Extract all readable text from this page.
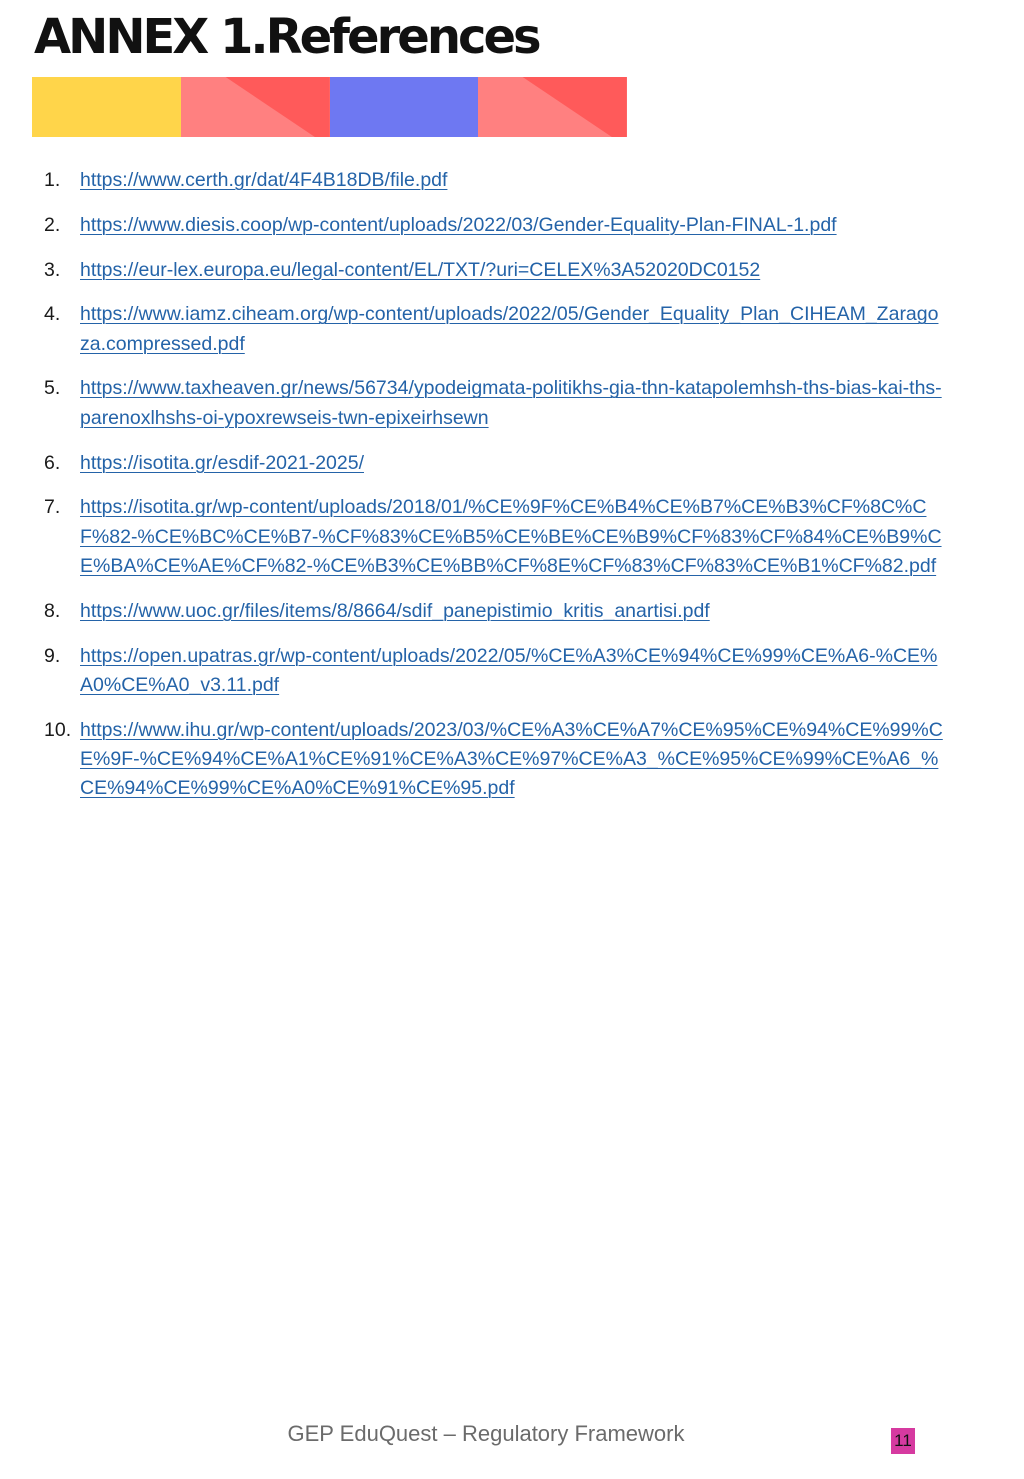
ANNEX 1.References
1.	https://www.certh.gr/dat/4F4B18DB/file.pdf
2.	https://www.diesis.coop/wp-content/uploads/2022/03/Gender-Equality-Plan-FINAL-1.pdf
3.	https://eur-lex.europa.eu/legal-content/EL/TXT/?uri=CELEX%3A52020DC0152
4.	https://www.iamz.ciheam.org/wp-content/uploads/2022/05/Gender_Equality_Plan_CIHEAM_Zaragoza.compressed.pdf
5.	https://www.taxheaven.gr/news/56734/ypodeigmata-politikhs-gia-thn-katapolemhsh-ths-bias-kai-ths-parenoxlhshs-oi-ypoxrewseis-twn-epixeirhsewn
6.	https://isotita.gr/esdif-2021-2025/
7.	https://isotita.gr/wp-content/uploads/2018/01/%CE%9F%CE%B4%CE%B7%CE%B3%CF%8C%CF%82-%CE%BC%CE%B7-%CF%83%CE%B5%CE%BE%CE%B9%CF%83%CF%84%CE%B9%CE%BA%CE%AE%CF%82-%CE%B3%CE%BB%CF%8E%CF%83%CF%83%CE%B1%CF%82.pdf
8.	https://www.uoc.gr/files/items/8/8664/sdif_panepistimio_kritis_anartisi.pdf
9.	https://open.upatras.gr/wp-content/uploads/2022/05/%CE%A3%CE%94%CE%99%CE%A6-%CE%A0%CE%A0_v3.11.pdf
10. https://www.ihu.gr/wp-content/uploads/2023/03/%CE%A3%CE%A7%CE%95%CE%94%CE%99%CE%9F-%CE%94%CE%A1%CE%91%CE%A3%CE%97%CE%A3_%CE%95%CE%99%CE%A6_%CE%94%CE%99%CE%A0%CE%91%CE%95.pdf
GEP EduQuest – Regulatory Framework	11
